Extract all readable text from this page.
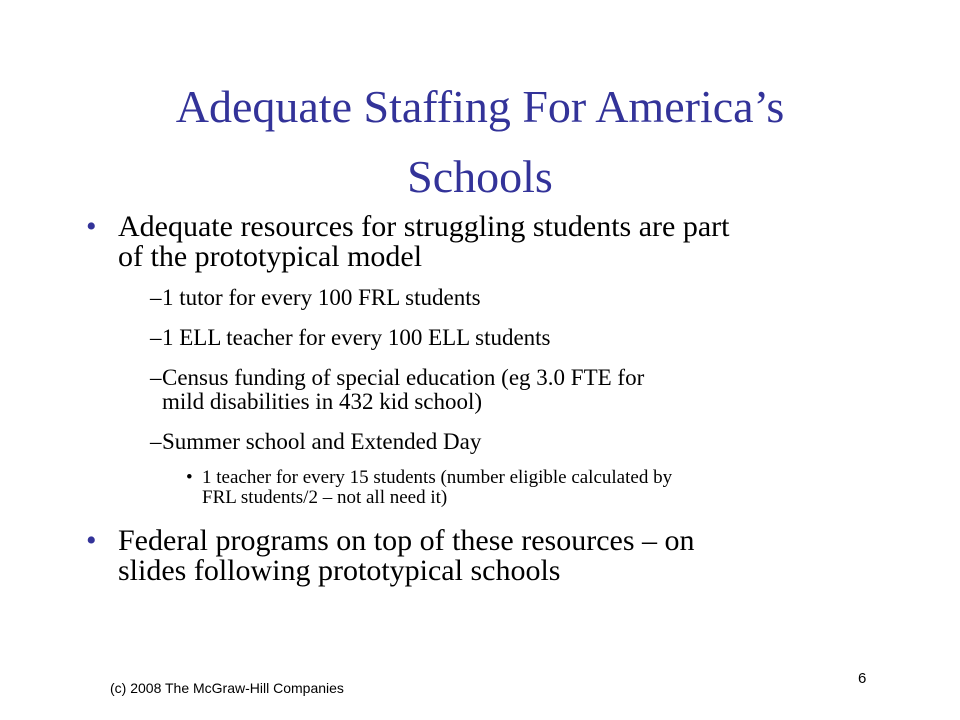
Adequate Staffing For America’s
Schools
• Adequate resources for struggling students are part
of the prototypical model
– 1 tutor for every 100 FRL students
– 1 ELL teacher for every 100 ELL students
– Census funding of special education (eg 3.0 FTE for
mild disabilities in 432 kid school)
– Summer school and Extended Day
• 1 teacher for every 15 students (number eligible calculated by
FRL students/2 – not all need it)
• Federal programs on top of these resources – on
slides following prototypical schools
(c) 2008 The McGraw-Hill Companies
6
